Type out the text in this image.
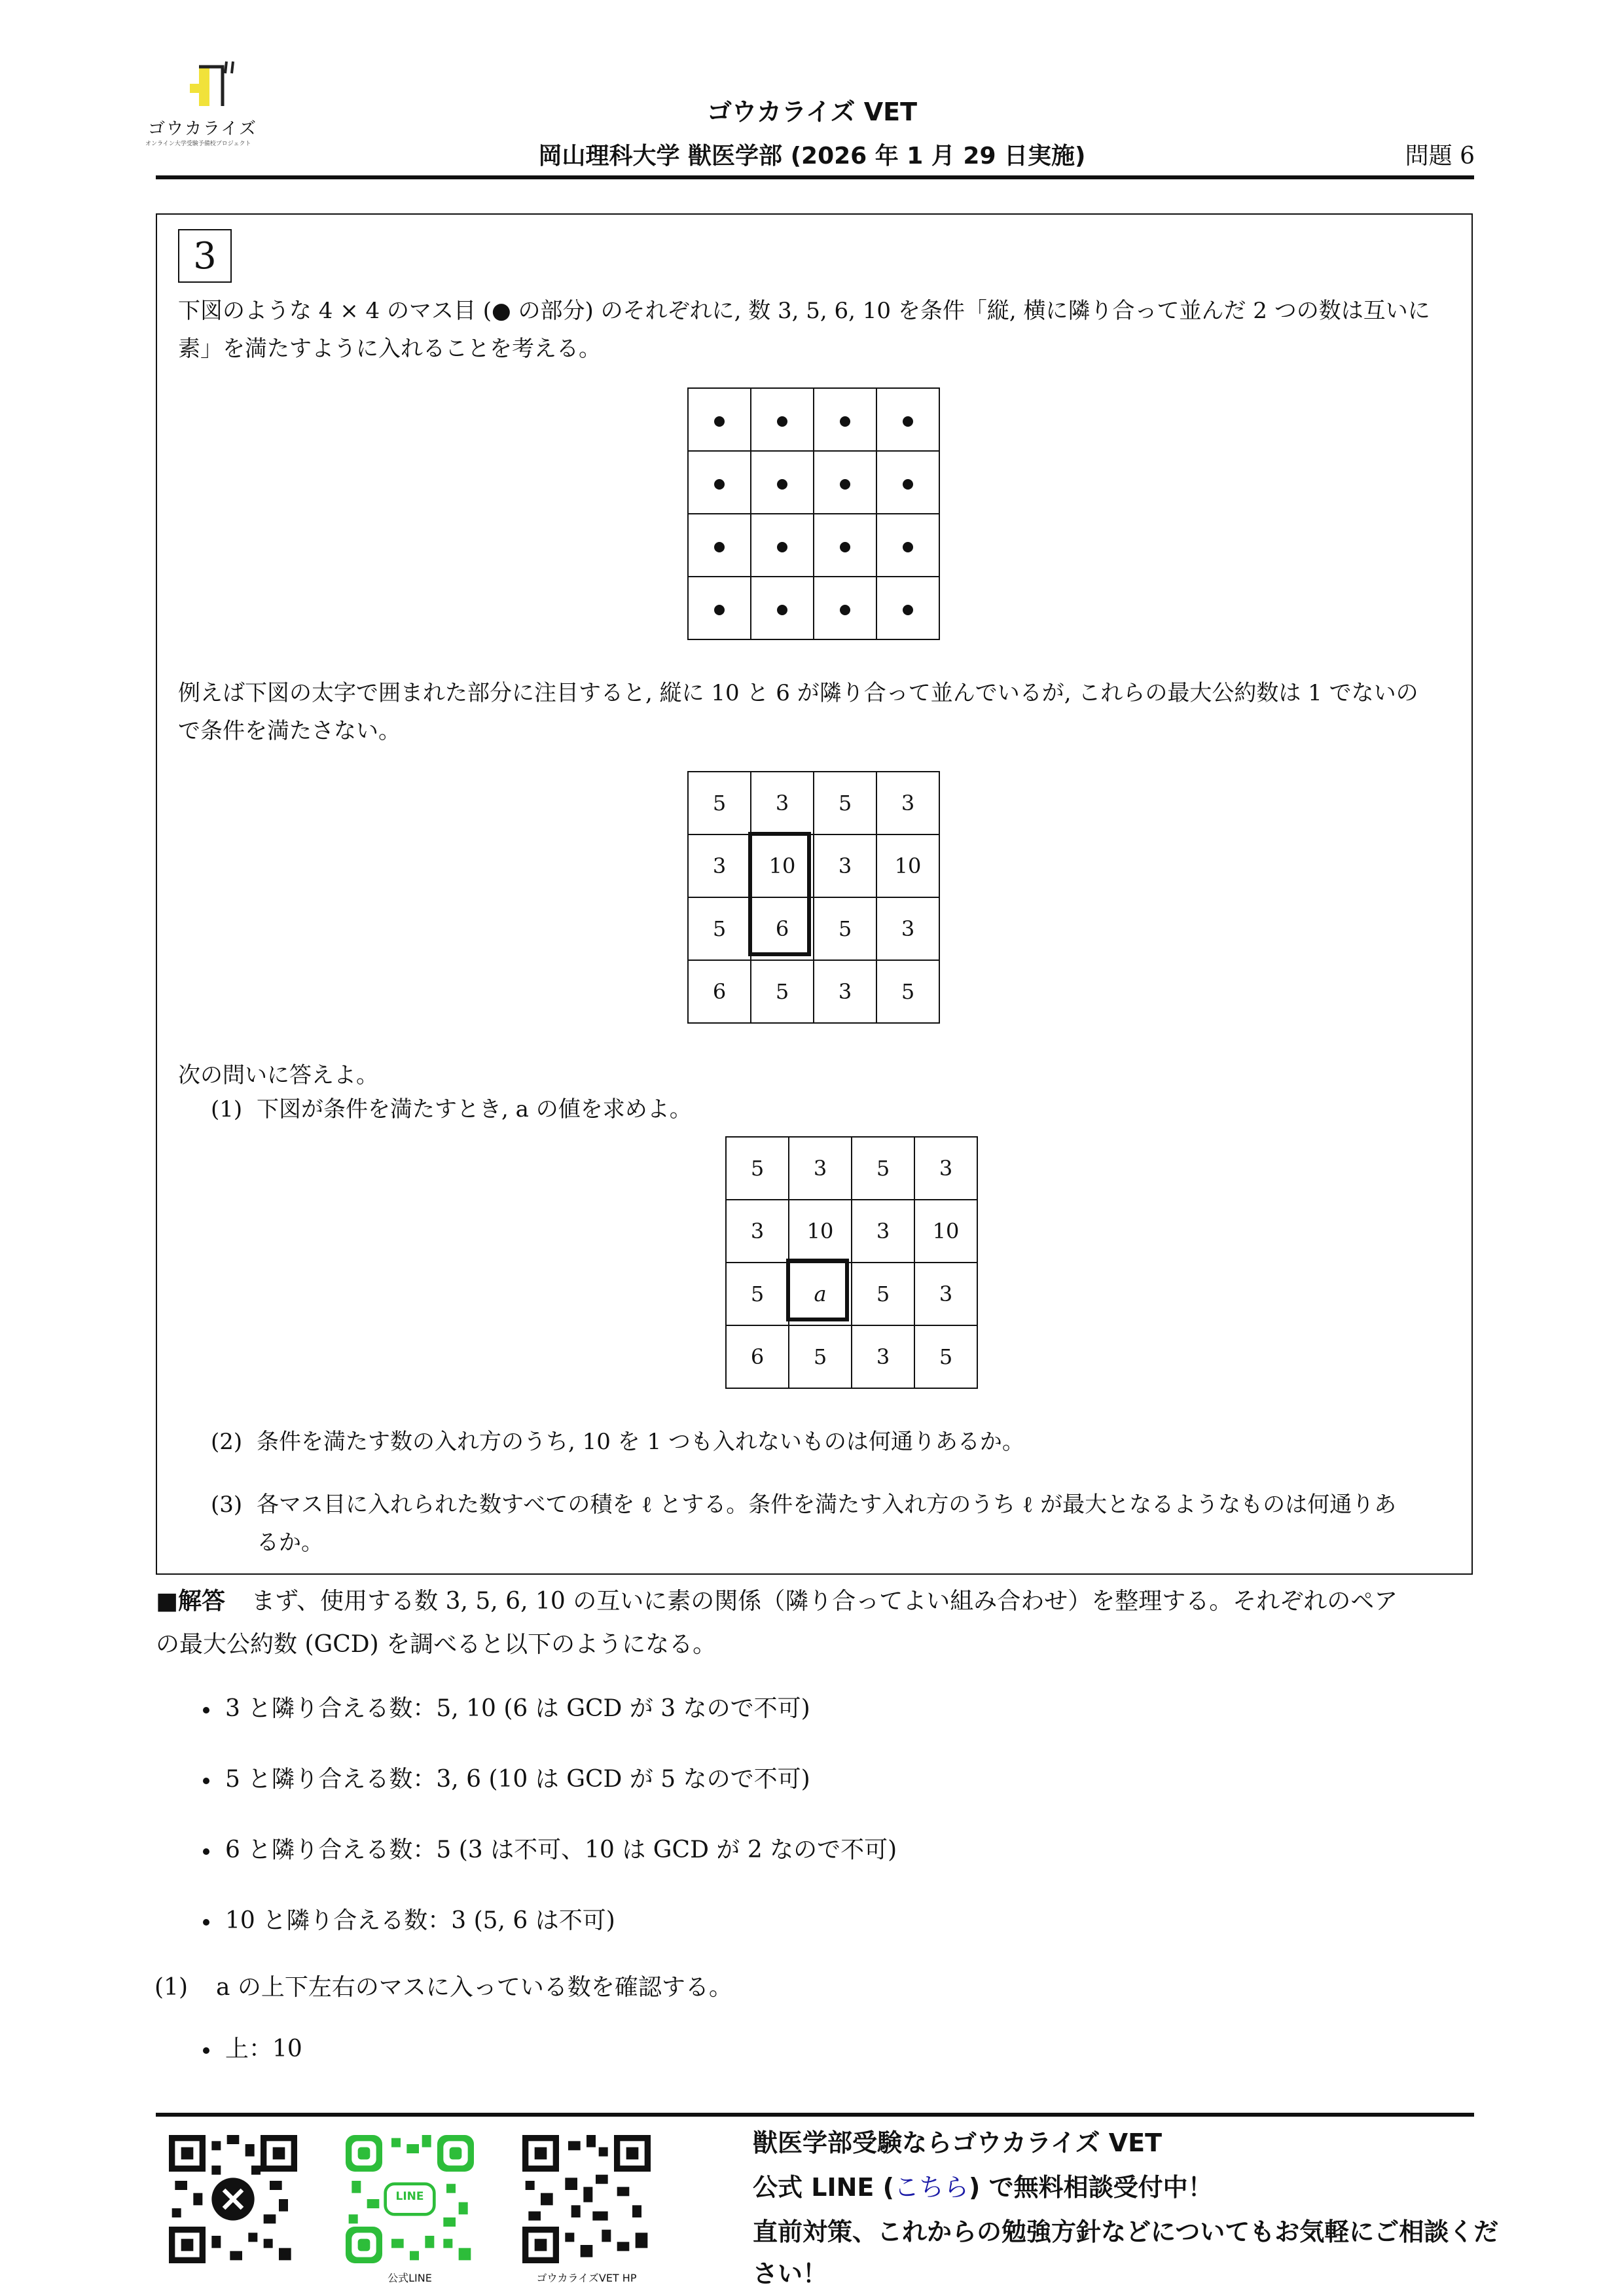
ゴウカライズ
オンライン大学受験予備校プロジェクト
ゴウカライズ VET
岡山理科大学 獣医学部 (2026 年 1 月 29 日実施)	問題 6
3
下図のような 4 × 4 のマス目 (● の部分) のそれぞれに, 数 3, 5, 6, 10 を条件「縦, 横に隣り合って並んだ 2 つの数は互いに
素」を満たすように入れることを考える。

例えば下図の太字で囲まれた部分に注目すると, 縦に 10 と 6 が隣り合って並んでいるが, これらの最大公約数は 1 でないの
で条件を満たさない。
5	3	5	3
3	10	3	10
5	6	5	3
6	5	3	5
次の問いに答えよ。
(1) 下図が条件を満たすとき, a の値を求めよ。
5	3	5	3
3	10	3	10
5	a	5	3
6	5	3	5
(2) 条件を満たす数の入れ方のうち, 10 を 1 つも入れないものは何通りあるか。
(3) 各マス目に入れられた数すべての積を ℓ とする。条件を満たす入れ方のうち ℓ が最大となるようなものは何通りあ
るか。
■解答 まず、使用する数 3, 5, 6, 10 の互いに素の関係（隣り合ってよい組み合わせ）を整理する。それぞれのペア
の最大公約数 (GCD) を調べると以下のようになる。
3 と隣り合える数：5, 10 (6 は GCD が 3 なので不可)
5 と隣り合える数：3, 6 (10 は GCD が 5 なので不可)
6 と隣り合える数：5 (3 は不可、10 は GCD が 2 なので不可)
10 と隣り合える数：3 (5, 6 は不可)
(1)	a の上下左右のマスに入っている数を確認する。
上：10
LINE
公式LINE	ゴウカライズVET HP
獣医学部受験ならゴウカライズ VET
公式 LINE (こちら) で無料相談受付中！
直前対策、これからの勉強方針などについてもお気軽にご相談くだ
さい！
